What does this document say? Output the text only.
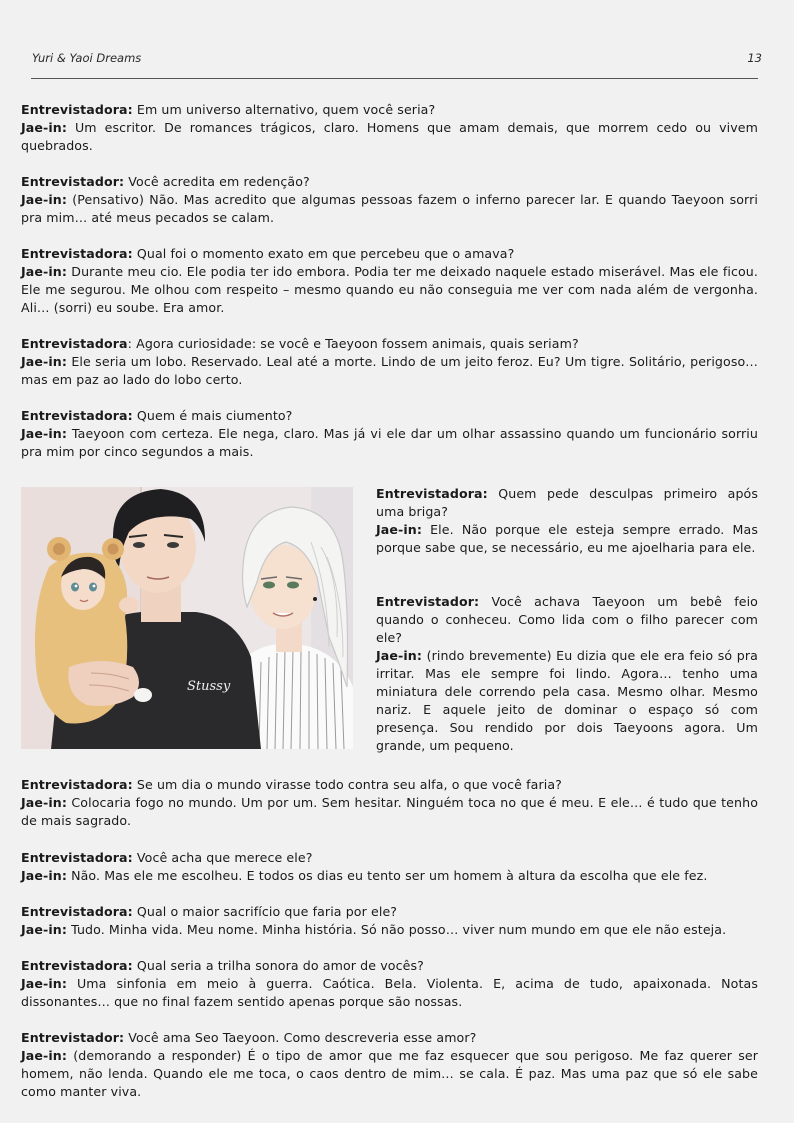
Yuri & Yaoi Dreams	13

Entrevistadora: Em um universo alternativo, quem você seria?

Jae-in: Um escritor. De romances trágicos, claro. Homens que amam demais, que morrem cedo ou vivem quebrados.

Entrevistador: Você acredita em redenção?

Jae-in: (Pensativo) Não. Mas acredito que algumas pessoas fazem o inferno parecer lar. E quando Taeyoon sorri pra mim… até meus pecados se calam.

Entrevistadora: Qual foi o momento exato em que percebeu que o amava?

Jae-in: Durante meu cio. Ele podia ter ido embora. Podia ter me deixado naquele estado miserável. Mas ele ficou. Ele me segurou. Me olhou com respeito – mesmo quando eu não conseguia me ver com nada além de vergonha. Ali… (sorri) eu soube. Era amor.

Entrevistadora: Agora curiosidade: se você e Taeyoon fossem animais, quais seriam?

Jae-in: Ele seria um lobo. Reservado. Leal até a morte. Lindo de um jeito feroz. Eu? Um tigre. Solitário, perigoso… mas em paz ao lado do lobo certo.

Entrevistadora: Quem é mais ciumento?

Jae-in: Taeyoon com certeza. Ele nega, claro. Mas já vi ele dar um olhar assassino quando um funcionário sorriu pra mim por cinco segundos a mais.

Stussy

Entrevistadora: Quem pede desculpas primeiro após uma briga?

Jae-in: Ele. Não porque ele esteja sempre errado. Mas porque sabe que, se necessário, eu me ajoelharia para ele.

Entrevistador: Você achava Taeyoon um bebê feio quando o conheceu. Como lida com o filho parecer com ele?

Jae-in: (rindo brevemente) Eu dizia que ele era feio só pra irritar. Mas ele sempre foi lindo. Agora… tenho uma miniatura dele correndo pela casa. Mesmo olhar. Mesmo nariz. E aquele jeito de dominar o espaço só com presença. Sou rendido por dois Taeyoons agora. Um grande, um pequeno.

Entrevistadora: Se um dia o mundo virasse todo contra seu alfa, o que você faria?

Jae-in: Colocaria fogo no mundo. Um por um. Sem hesitar. Ninguém toca no que é meu. E ele… é tudo que tenho de mais sagrado.

Entrevistadora: Você acha que merece ele?

Jae-in: Não. Mas ele me escolheu. E todos os dias eu tento ser um homem à altura da escolha que ele fez.

Entrevistadora: Qual o maior sacrifício que faria por ele?

Jae-in: Tudo. Minha vida. Meu nome. Minha história. Só não posso… viver num mundo em que ele não esteja.

Entrevistadora: Qual seria a trilha sonora do amor de vocês?

Jae-in: Uma sinfonia em meio à guerra. Caótica. Bela. Violenta. E, acima de tudo, apaixonada. Notas dissonantes… que no final fazem sentido apenas porque são nossas.

Entrevistador: Você ama Seo Taeyoon. Como descreveria esse amor?

Jae-in: (demorando a responder) É o tipo de amor que me faz esquecer que sou perigoso. Me faz querer ser homem, não lenda. Quando ele me toca, o caos dentro de mim… se cala. É paz. Mas uma paz que só ele sabe como manter viva.
